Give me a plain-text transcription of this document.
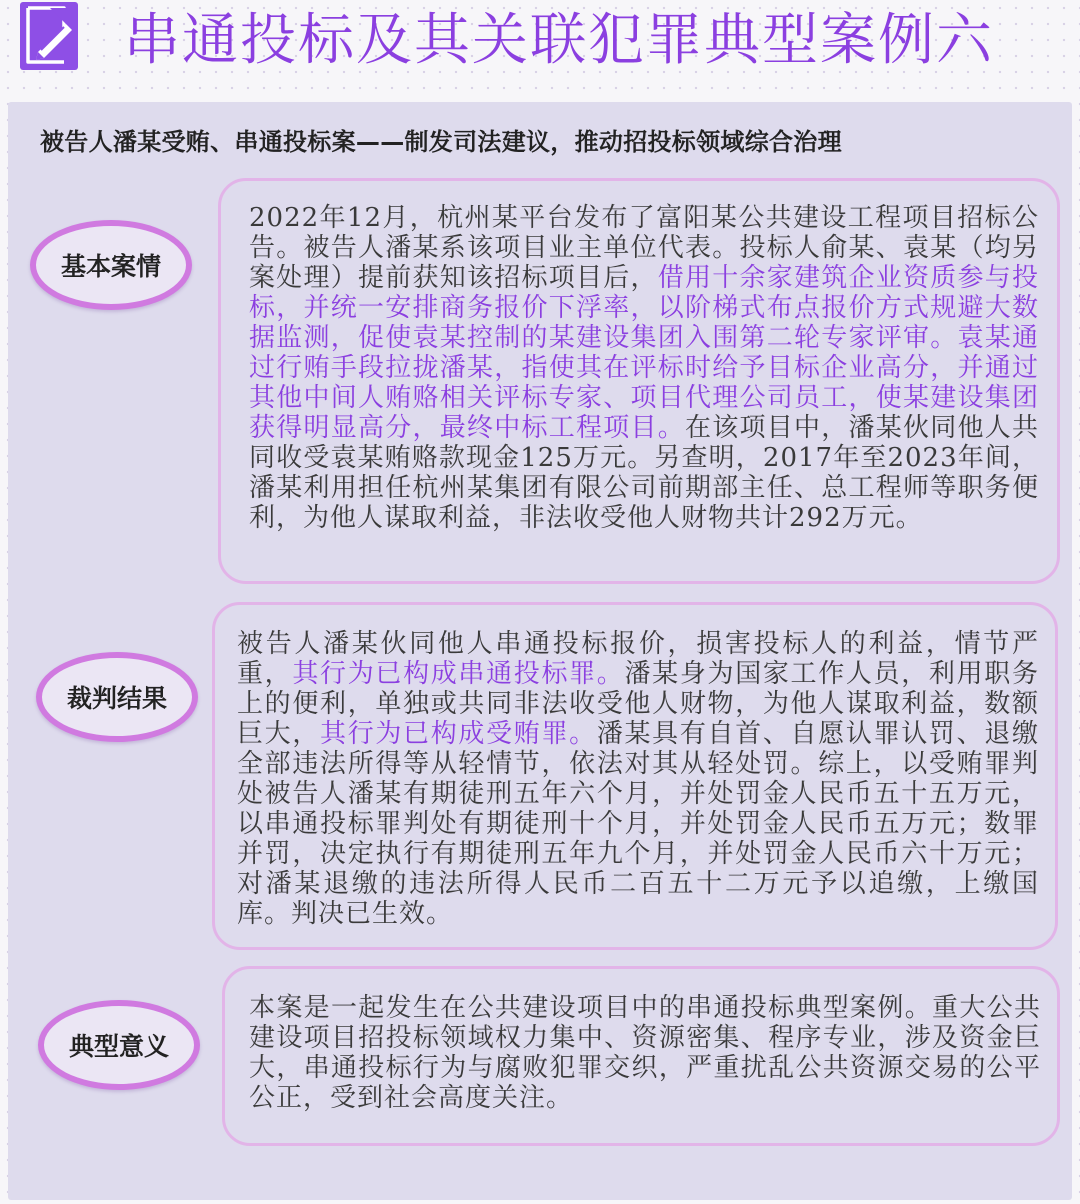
串通投标及其关联犯罪典型案例六
被告人潘某受贿、串通投标案——制发司法建议，推动招投标领域综合治理
2022年12月，杭州某平台发布了富阳某公共建设工程项目招标公告。被告人潘某系该项目业主单位代表。投标人俞某、袁某（均另案处理）提前获知该招标项目后，借用十余家建筑企业资质参与投标，并统一安排商务报价下浮率，以阶梯式布点报价方式规避大数据监测，促使袁某控制的某建设集团入围第二轮专家评审。袁某通过行贿手段拉拢潘某，指使其在评标时给予目标企业高分，并通过其他中间人贿赂相关评标专家、项目代理公司员工，使某建设集团获得明显高分，最终中标工程项目。在该项目中，潘某伙同他人共同收受袁某贿赂款现金125万元。另查明，2017年至2023年间，潘某利用担任杭州某集团有限公司前期部主任、总工程师等职务便利，为他人谋取利益，非法收受他人财物共计292万元。
基本案情
被告人潘某伙同他人串通投标报价，损害投标人的利益，情节严重，其行为已构成串通投标罪。潘某身为国家工作人员，利用职务上的便利，单独或共同非法收受他人财物，为他人谋取利益，数额巨大，其行为已构成受贿罪。潘某具有自首、自愿认罪认罚、退缴全部违法所得等从轻情节，依法对其从轻处罚。综上，以受贿罪判处被告人潘某有期徒刑五年六个月，并处罚金人民币五十五万元，以串通投标罪判处有期徒刑十个月，并处罚金人民币五万元；数罪并罚，决定执行有期徒刑五年九个月，并处罚金人民币六十万元；对潘某退缴的违法所得人民币二百五十二万元予以追缴，上缴国库。判决已生效。
裁判结果
本案是一起发生在公共建设项目中的串通投标典型案例。重大公共建设项目招投标领域权力集中、资源密集、程序专业，涉及资金巨大，串通投标行为与腐败犯罪交织，严重扰乱公共资源交易的公平公正，受到社会高度关注。
典型意义
